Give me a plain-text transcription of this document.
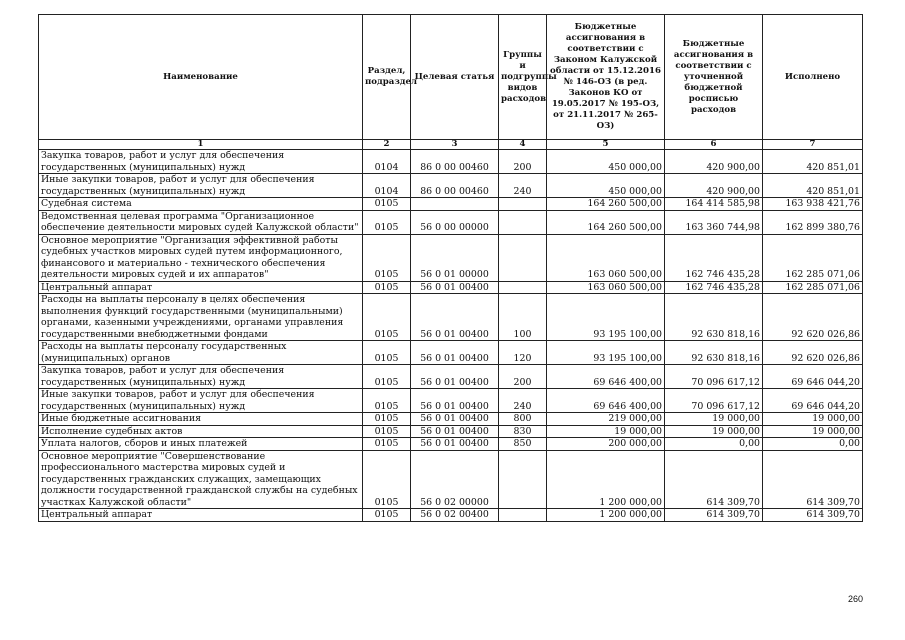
Наименование	Раздел, подраздел	Целевая статья	Группы и подгруппы видов расходов	Бюджетные ассигнования в соответствии с Законом Калужской области от 15.12.2016 № 146-ОЗ (в ред. Законов КО от 19.05.2017 № 195-ОЗ, от 21.11.2017 № 265-ОЗ)	Бюджетные ассигнования в соответствии с уточненной бюджетной росписью расходов	Исполнено
1	2	3	4	5	6	7
Закупка товаров, работ и услуг для обеспечения государственных (муниципальных) нужд	0104	86 0 00 00460	200	450 000,00	420 900,00	420 851,01
Иные закупки товаров, работ и услуг для обеспечения государственных (муниципальных) нужд	0104	86 0 00 00460	240	450 000,00	420 900,00	420 851,01
Судебная система	0105			164 260 500,00	164 414 585,98	163 938 421,76
Ведомственная целевая программа "Организационное обеспечение деятельности мировых судей Калужской области"	0105	56 0 00 00000		164 260 500,00	163 360 744,98	162 899 380,76
Основное мероприятие "Организация эффективной работы судебных участков мировых судей путем информационного, финансового и материально - технического обеспечения деятельности мировых судей и их аппаратов"	0105	56 0 01 00000		163 060 500,00	162 746 435,28	162 285 071,06
Центральный аппарат	0105	56 0 01 00400		163 060 500,00	162 746 435,28	162 285 071,06
Расходы на выплаты персоналу в целях обеспечения выполнения функций государственными (муниципальными) органами, казенными учреждениями, органами управления государственными внебюджетными фондами	0105	56 0 01 00400	100	93 195 100,00	92 630 818,16	92 620 026,86
Расходы на выплаты персоналу государственных (муниципальных) органов	0105	56 0 01 00400	120	93 195 100,00	92 630 818,16	92 620 026,86
Закупка товаров, работ и услуг для обеспечения государственных (муниципальных) нужд	0105	56 0 01 00400	200	69 646 400,00	70 096 617,12	69 646 044,20
Иные закупки товаров, работ и услуг для обеспечения государственных (муниципальных) нужд	0105	56 0 01 00400	240	69 646 400,00	70 096 617,12	69 646 044,20
Иные бюджетные ассигнования	0105	56 0 01 00400	800	219 000,00	19 000,00	19 000,00
Исполнение судебных актов	0105	56 0 01 00400	830	19 000,00	19 000,00	19 000,00
Уплата налогов, сборов и иных платежей	0105	56 0 01 00400	850	200 000,00	0,00	0,00
Основное мероприятие "Совершенствование профессионального мастерства мировых судей и государственных гражданских служащих, замещающих должности государственной гражданской службы на судебных участках Калужской области"	0105	56 0 02 00000		1 200 000,00	614 309,70	614 309,70
Центральный аппарат	0105	56 0 02 00400		1 200 000,00	614 309,70	614 309,70
260
